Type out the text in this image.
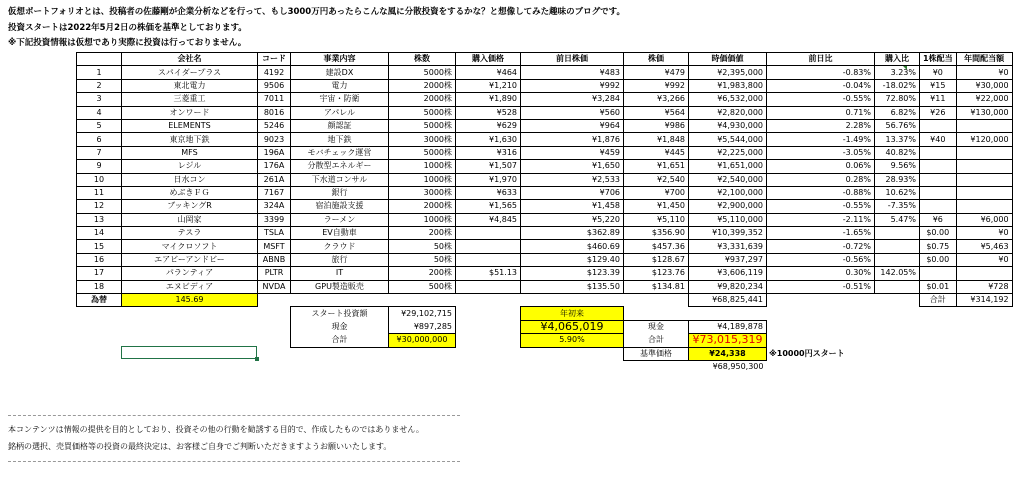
仮想ポートフォリオとは、投稿者の佐藤剛が企業分析などを行って、もし3000万円あったらこんな風に分散投資をするかな？と想像してみた趣味のブログです。
投資スタートは2022年5月2日の株価を基準としております。
※下記投資情報は仮想であり実際に投資は行っておりません。
	会社名	コード	事業内容	株数	購入価格	前日株価	株価	時価価値	前日比	購入比	1株配当	年間配当額
1	スパイダープラス	4192	建設DX	5000株	¥464	¥483	¥479	¥2,395,000	-0.83%	3.23%	¥0	¥0
2	東北電力	9506	電力	2000株	¥1,210	¥992	¥992	¥1,983,800	-0.04%	-18.02%	¥15	¥30,000
3	三菱重工	7011	宇宙・防衛	2000株	¥1,890	¥3,284	¥3,266	¥6,532,000	-0.55%	72.80%	¥11	¥22,000
4	オンワード	8016	アパレル	5000株	¥528	¥560	¥564	¥2,820,000	0.71%	6.82%	¥26	¥130,000
5	ELEMENTS	5246	顔認証	5000株	¥629	¥964	¥986	¥4,930,000	2.28%	56.76%		
6	東京地下鉄	9023	地下鉄	3000株	¥1,630	¥1,876	¥1,848	¥5,544,000	-1.49%	13.37%	¥40	¥120,000
7	MFS	196A	モバチェック運営	5000株	¥316	¥459	¥445	¥2,225,000	-3.05%	40.82%		
9	レジル	176A	分散型エネルギー	1000株	¥1,507	¥1,650	¥1,651	¥1,651,000	0.06%	9.56%		
10	日水コン	261A	下水道コンサル	1000株	¥1,970	¥2,533	¥2,540	¥2,540,000	0.28%	28.93%		
11	めぶきＦＧ	7167	銀行	3000株	¥633	¥706	¥700	¥2,100,000	-0.88%	10.62%		
12	ブッキングR	324A	宿泊施設支援	2000株	¥1,565	¥1,458	¥1,450	¥2,900,000	-0.55%	-7.35%		
13	山岡家	3399	ラーメン	1000株	¥4,845	¥5,220	¥5,110	¥5,110,000	-2.11%	5.47%	¥6	¥6,000
14	テスラ	TSLA	EV自動車	200株		$362.89	$356.90	¥10,399,352	-1.65%		$0.00	¥0
15	マイクロソフト	MSFT	クラウド	50株		$460.69	$457.36	¥3,331,639	-0.72%		$0.75	¥5,463
16	エアビーアンドビー	ABNB	旅行	50株		$129.40	$128.67	¥937,297	-0.56%		$0.00	¥0
17	パランティア	PLTR	IT	200株	$51.13	$123.39	$123.76	¥3,606,119	0.30%	142.05%		
18	エヌビディア	NVDA	GPU製造販売	500株		$135.50	$134.81	¥9,820,234	-0.51%		$0.01	¥728
為替	145.69							¥68,825,441			合計	¥314,192
			スタート投資額	¥29,102,715		年初来						
			現金	¥897,285		¥4,065,019	現金	¥4,189,878				
			合計	¥30,000,000		5.90%	合計	¥73,015,319				
							基準価格	¥24,338	※10000円スタート			
								¥68,950,300				
本コンテンツは情報の提供を目的としており、投資その他の行動を勧誘する目的で、作成したものではありません。
銘柄の選択、売買価格等の投資の最終決定は、お客様ご自身でご判断いただきますようお願いいたします。
